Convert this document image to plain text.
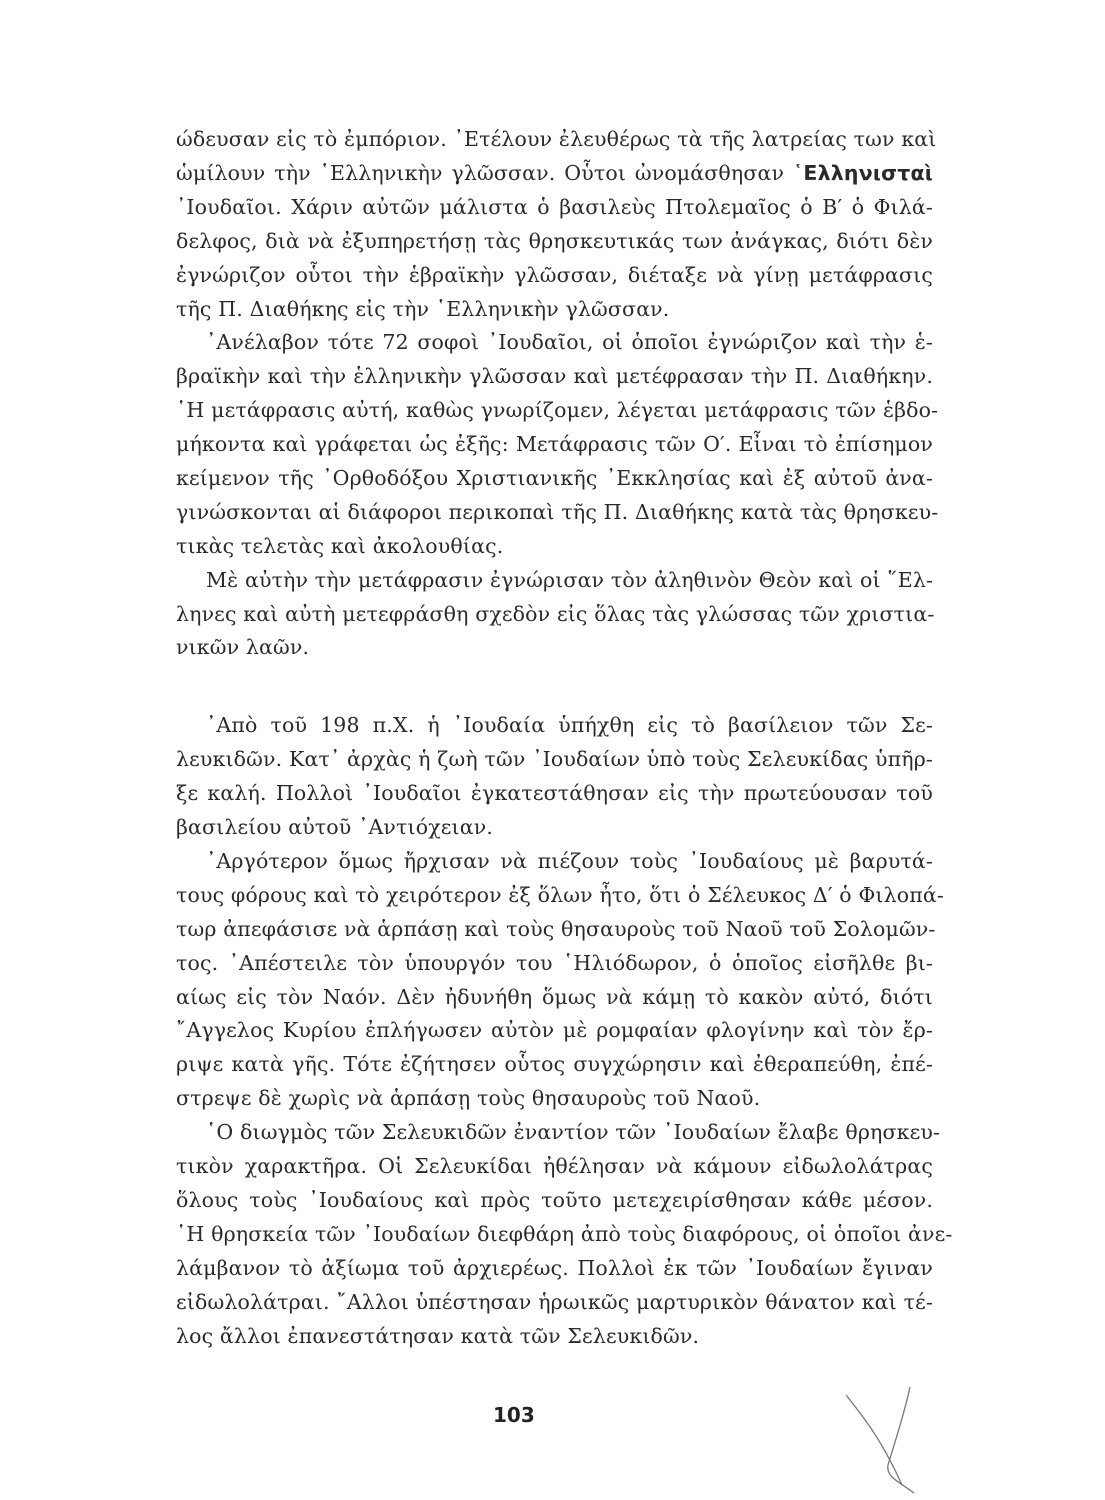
ώδευσαν εἰς τὸ ἐμπόριον. ᾿Ετέλουν ἐλευθέρως τὰ τῆς λατρείας των καὶ
ὡμίλουν τὴν ῾Ελληνικὴν γλῶσσαν. Οὗτοι ὠνομάσθησαν ῾Ελληνισταὶ
᾿Ιουδαῖοι. Χάριν αὐτῶν μάλιστα ὁ βασιλεὺς Πτολεμαῖος ὁ Β′ ὁ Φιλά-
δελφος, διὰ νὰ ἐξυπηρετήσῃ τὰς θρησκευτικάς των ἀνάγκας, διότι δὲν
ἐγνώριζον οὗτοι τὴν ἑβραϊκὴν γλῶσσαν, διέταξε νὰ γίνῃ μετάφρασις
τῆς Π. Διαθήκης εἰς τὴν ῾Ελληνικὴν γλῶσσαν.
᾿Ανέλαβον τότε 72 σοφοὶ ᾿Ιουδαῖοι, οἱ ὁποῖοι ἐγνώριζον καὶ τὴν ἑ-
βραϊκὴν καὶ τὴν ἑλληνικὴν γλῶσσαν καὶ μετέφρασαν τὴν Π. Διαθήκην.
῾Η μετάφρασις αὐτή, καθὼς γνωρίζομεν, λέγεται μετάφρασις τῶν ἑβδο-
μήκοντα καὶ γράφεται ὡς ἑξῆς: Μετάφρασις τῶν Ο′. Εἶναι τὸ ἐπίσημον
κείμενον τῆς ᾿Ορθοδόξου Χριστιανικῆς ᾿Εκκλησίας καὶ ἐξ αὐτοῦ ἀνα-
γινώσκονται αἱ διάφοροι περικοπαὶ τῆς Π. Διαθήκης κατὰ τὰς θρησκευ-
τικὰς τελετὰς καὶ ἀκολουθίας.
Μὲ αὐτὴν τὴν μετάφρασιν ἐγνώρισαν τὸν ἀληθινὸν Θεὸν καὶ οἱ ῞Ελ-
ληνες καὶ αὐτὴ μετεφράσθη σχεδὸν εἰς ὅλας τὰς γλώσσας τῶν χριστια-
νικῶν λαῶν.
᾿Απὸ τοῦ 198 π.Χ. ἡ ᾿Ιουδαία ὑπήχθη εἰς τὸ βασίλειον τῶν Σε-
λευκιδῶν. Κατ᾿ ἀρχὰς ἡ ζωὴ τῶν ᾿Ιουδαίων ὑπὸ τοὺς Σελευκίδας ὑπῆρ-
ξε καλή. Πολλοὶ ᾿Ιουδαῖοι ἐγκατεστάθησαν εἰς τὴν πρωτεύουσαν τοῦ
βασιλείου αὐτοῦ ᾿Αντιόχειαν.
᾿Αργότερον ὅμως ἤρχισαν νὰ πιέζουν τοὺς ᾿Ιουδαίους μὲ βαρυτά-
τους φόρους καὶ τὸ χειρότερον ἐξ ὅλων ἦτο, ὅτι ὁ Σέλευκος Δ′ ὁ Φιλοπά-
τωρ ἀπεφάσισε νὰ ἁρπάσῃ καὶ τοὺς θησαυροὺς τοῦ Ναοῦ τοῦ Σολομῶν-
τος. ᾿Απέστειλε τὸν ὑπουργόν του ῾Ηλιόδωρον, ὁ ὁποῖος εἰσῆλθε βι-
αίως εἰς τὸν Ναόν. Δὲν ἠδυνήθη ὅμως νὰ κάμῃ τὸ κακὸν αὐτό, διότι
῎Αγγελος Κυρίου ἐπλήγωσεν αὐτὸν μὲ ρομφαίαν φλογίνην καὶ τὸν ἔρ-
ριψε κατὰ γῆς. Τότε ἐζήτησεν οὗτος συγχώρησιν καὶ ἐθεραπεύθη, ἐπέ-
στρεψε δὲ χωρὶς νὰ ἁρπάσῃ τοὺς θησαυροὺς τοῦ Ναοῦ.
῾Ο διωγμὸς τῶν Σελευκιδῶν ἐναντίον τῶν ᾿Ιουδαίων ἔλαβε θρησκευ-
τικὸν χαρακτῆρα. Οἱ Σελευκίδαι ἠθέλησαν νὰ κάμουν εἰδωλολάτρας
ὅλους τοὺς ᾿Ιουδαίους καὶ πρὸς τοῦτο μετεχειρίσθησαν κάθε μέσον.
῾Η θρησκεία τῶν ᾿Ιουδαίων διεφθάρη ἀπὸ τοὺς διαφόρους, οἱ ὁποῖοι ἀνε-
λάμβανον τὸ ἀξίωμα τοῦ ἀρχιερέως. Πολλοὶ ἐκ τῶν ᾿Ιουδαίων ἔγιναν
εἰδωλολάτραι. ῎Αλλοι ὑπέστησαν ἡρωικῶς μαρτυρικὸν θάνατον καὶ τέ-
λος ἄλλοι ἐπανεστάτησαν κατὰ τῶν Σελευκιδῶν.
103
